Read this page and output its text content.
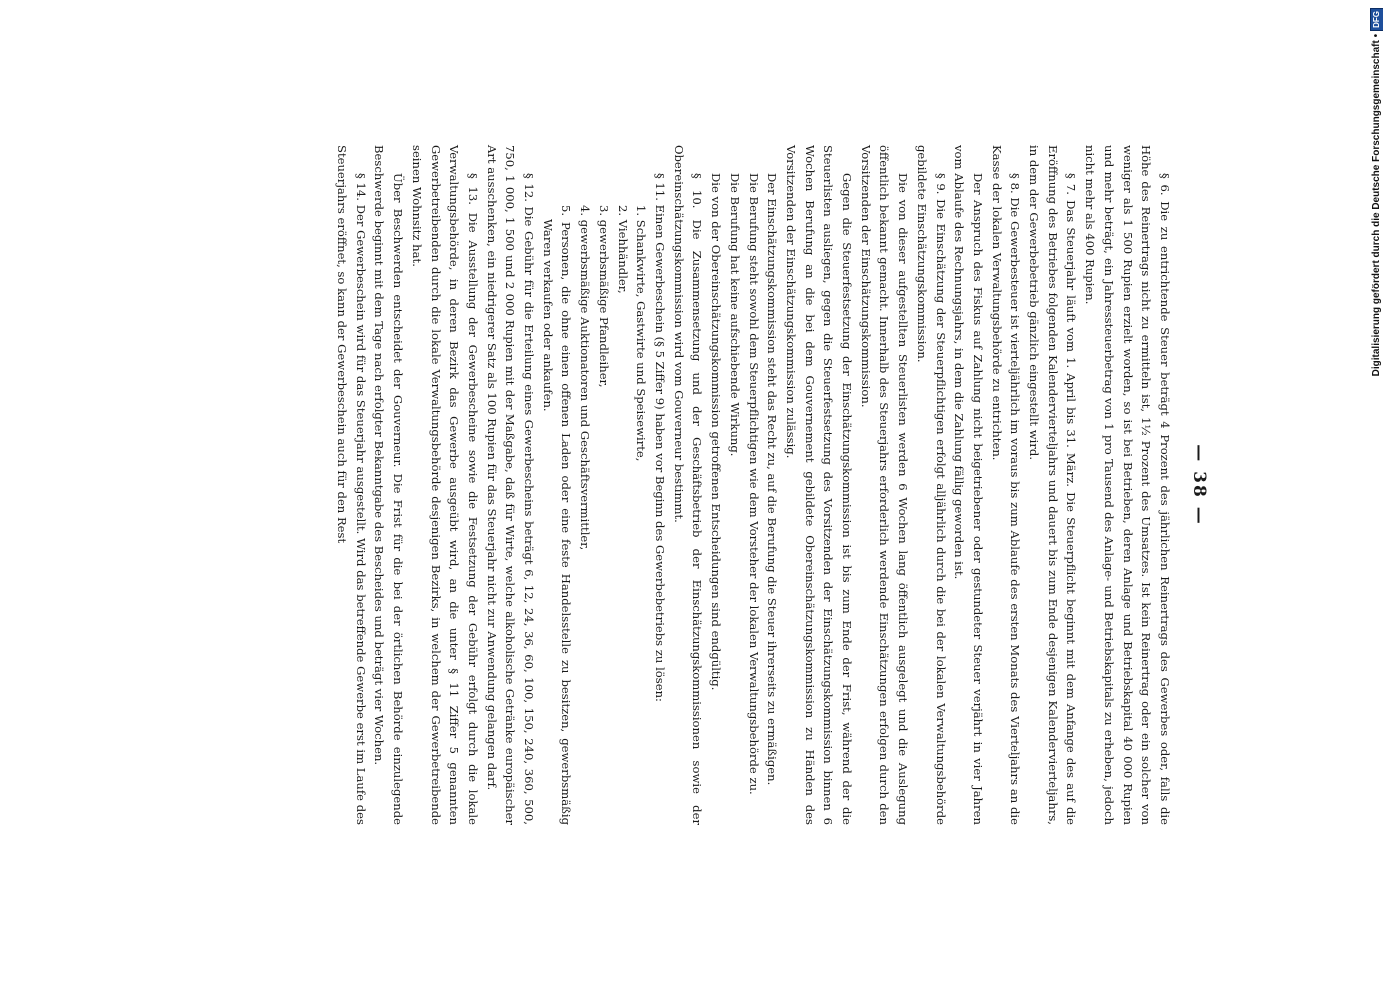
— 38 —

§ 6. Die zu entrichtende Steuer beträgt 4 Prozent des jährlichen Reinertrags des Gewerbes oder, falls die Höhe des Reinertrags nicht zu ermitteln ist, 1½ Prozent des Umsatzes. Ist kein Reinertrag oder ein solcher von weniger als 1 500 Rupien erzielt worden, so ist bei Betrieben, deren Anlage und Betriebskapital 40 000 Rupien und mehr beträgt, ein Jahressteuerbetrag von 1 pro Tausend des Anlage- und Betriebskapitals zu erheben, jedoch nicht mehr als 400 Rupien.

§ 7. Das Steuerjahr läuft vom 1. April bis 31. März. Die Steuerpflicht beginnt mit dem Anfange des auf die Eröffnung des Betriebes folgenden Kalendervierteljahrs und dauert bis zum Ende desjenigen Kalendervierteljahrs, in dem der Gewerbebetrieb gänzlich eingestellt wird.

§ 8. Die Gewerbesteuer ist vierteljährlich im voraus bis zum Ablaufe des ersten Monats des Vierteljahrs an die Kasse der lokalen Verwaltungsbehörde zu entrichten.

Der Anspruch des Fiskus auf Zahlung nicht beigetriebener oder gestundeter Steuer verjährt in vier Jahren vom Ablaufe des Rechnungsjahrs, in dem die Zahlung fällig geworden ist.

§ 9. Die Einschätzung der Steuerpflichtigen erfolgt alljährlich durch die bei der lokalen Verwaltungsbehörde gebildete Einschätzungskommission.

Die von dieser aufgestellten Steuerlisten werden 6 Wochen lang öffentlich ausgelegt und die Auslegung öffentlich bekannt gemacht. Innerhalb des Steuerjahrs erforderlich werdende Einschätzungen erfolgen durch den Vorsitzenden der Einschätzungskommission.

Gegen die Steuerfestsetzung der Einschätzungskommission ist bis zum Ende der Frist, während der die Steuerlisten ausliegen, gegen die Steuerfestsetzung des Vorsitzenden der Einschätzungskommission binnen 6 Wochen Berufung an die bei dem Gouvernement gebildete Obereinschätzungskommission zu Händen des Vorsitzenden der Einschätzungskommission zulässig.

Der Einschätzungskommission steht das Recht zu, auf die Berufung die Steuer ihrerseits zu ermäßigen.

Die Berufung steht sowohl dem Steuerpflichtigen wie dem Vorsteher der lokalen Verwaltungsbehörde zu.

Die Berufung hat keine aufschiebende Wirkung.

Die von der Obereinschätzungskommission getroffenen Entscheidungen sind endgültig.

§ 10. Die Zusammensetzung und der Geschäftsbetrieb der Einschätzungskommissionen sowie der Obereinschätzungskommission wird vom Gouverneur bestimmt.

§ 11. Einen Gewerbeschein (§ 5 Ziffer 9) haben vor Beginn des Gewerbebetriebs zu lösen:

1. Schankwirte, Gastwirte und Speisewirte,
2. Viehhändler,
3. gewerbsmäßige Pfandleiher,
4. gewerbsmäßige Auktionatoren und Geschäftsvermittler,
5. Personen, die ohne einen offenen Laden oder eine feste Handelsstelle zu besitzen, gewerbsmäßig Waren verkaufen oder ankaufen.

§ 12. Die Gebühr für die Erteilung eines Gewerbescheins beträgt 6, 12, 24, 36, 60, 100, 150, 240, 360, 500, 750, 1 000, 1 500 und 2 000 Rupien mit der Maßgabe, daß für Wirte, welche alkoholische Getränke europäischer Art ausschenken, ein niedrigerer Satz als 100 Rupien für das Steuerjahr nicht zur Anwendung gelangen darf.

§ 13. Die Ausstellung der Gewerbescheine sowie die Festsetzung der Gebühr erfolgt durch die lokale Verwaltungsbehörde, in deren Bezirk das Gewerbe ausgeübt wird, an die unter § 11 Ziffer 5 genannten Gewerbetreibenden durch die lokale Verwaltungsbehörde desjenigen Bezirks, in welchem der Gewerbetreibende seinen Wohnsitz hat.

Über Beschwerden entscheidet der Gouverneur. Die Frist für die bei der örtlichen Behörde einzulegende Beschwerde beginnt mit dem Tage nach erfolgter Bekanntgabe des Bescheides und beträgt vier Wochen.

§ 14. Der Gewerbeschein wird für das Steuerjahr ausgestellt. Wird das betreffende Gewerbe erst im Laufe des Steuerjahrs eröffnet, so kann der Gewerbeschein auch für den Rest	Digitalisierung gefördert durch die Deutsche Forschungsgemeinschaft •
DFG
